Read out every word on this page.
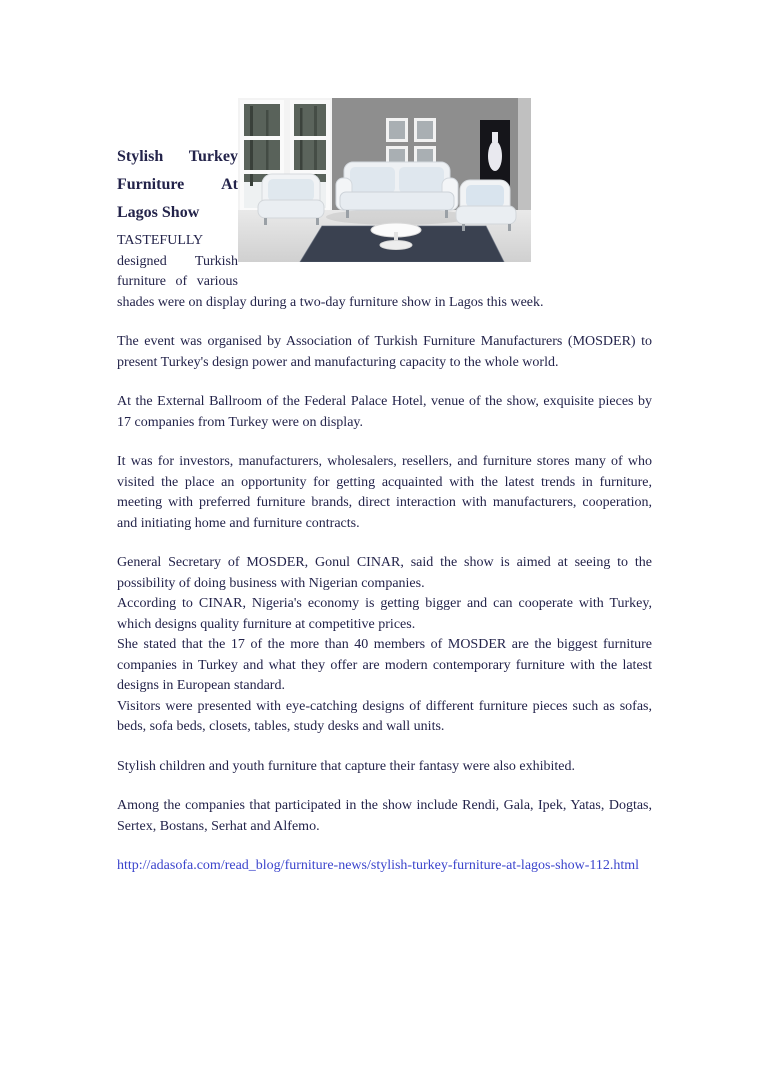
Stylish Turkey Furniture At Lagos Show

TASTEFULLY designed Turkish furniture of various shades were on display during a two-day furniture show in Lagos this week.

The event was organised by Association of Turkish Furniture Manufacturers (MOSDER) to present Turkey's design power and manufacturing capacity to the whole world.

At the External Ballroom of the Federal Palace Hotel, venue of the show, exquisite pieces by 17 companies from Turkey were on display.

It was for investors, manufacturers, wholesalers, resellers, and furniture stores many of who visited the place an opportunity for getting acquainted with the latest trends in furniture, meeting with preferred furniture brands, direct interaction with manufacturers, cooperation, and initiating home and furniture contracts.

General Secretary of MOSDER, Gonul CINAR, said the show is aimed at seeing to the possibility of doing business with Nigerian companies.

According to CINAR, Nigeria's economy is getting bigger and can cooperate with Turkey, which designs quality furniture at competitive prices.

She stated that the 17 of the more than 40 members of MOSDER are the biggest furniture companies in Turkey and what they offer are modern contemporary furniture with the latest designs in European standard.

Visitors were presented with eye-catching designs of different furniture pieces such as sofas, beds, sofa beds, closets, tables, study desks and wall units.

Stylish children and youth furniture that capture their fantasy were also exhibited.

Among the companies that participated in the show include Rendi, Gala, Ipek, Yatas, Dogtas, Sertex, Bostans, Serhat and Alfemo.

http://adasofa.com/read_blog/furniture-news/stylish-turkey-furniture-at-lagos-show-112.html
